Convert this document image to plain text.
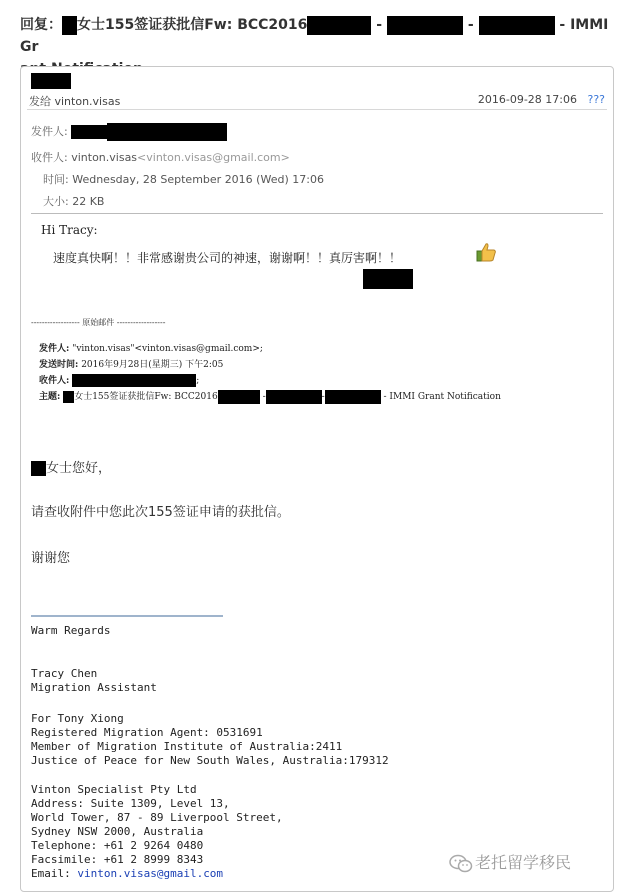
回复： 女士155签证获批信Fw: BCC2016	-	-	- IMMI Gr

发给 vinton.visas	2016-09-28 17:06 ???
发件人:
收件人: vinton.visas<vinton.visas@gmail.com>
时间: Wednesday, 28 September 2016 (Wed) 17:06
大小: 22 KB
Hi Tracy:
速度真快啊！！非常感谢贵公司的神速，谢谢啊！！真厉害啊！！
------------------ 原始邮件 ------------------
发件人: "vinton.visas"<vinton.visas@gmail.com>;
发送时间: 2016年9月28日(星期三) 下午2:05
收件人:	;
主题: 女士155签证获批信Fw: BCC2016	-	-	- IMMI Grant Notification
女士您好，
请查收附件中您此次155签证申请的获批信。
谢谢您
Warm Regards
Tracy Chen
Migration Assistant
For Tony Xiong
Registered Migration Agent: 0531691
Member of Migration Institute of Australia:2411
Justice of Peace for New South Wales, Australia:179312
Vinton Specialist Pty Ltd
Address: Suite 1309, Level 13,
World Tower, 87 - 89 Liverpool Street,
Sydney NSW 2000, Australia
Telephone: +61 2 9264 0480
Facsimile: +61 2 8999 8343
Email: vinton.visas@gmail.com
老托留学移民
